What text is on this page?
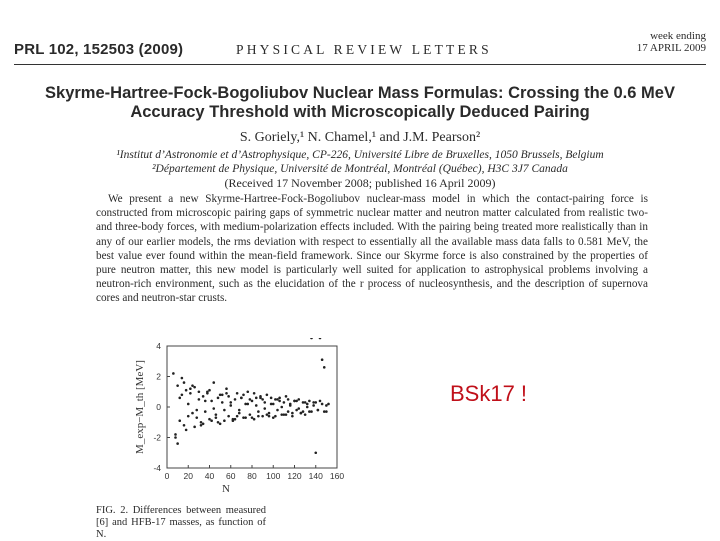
PRL 102, 152503 (2009)	PHYSICAL REVIEW LETTERS
week ending
17 APRIL 2009
Skyrme-Hartree-Fock-Bogoliubov Nuclear Mass Formulas: Crossing the 0.6 MeV
Accuracy Threshold with Microscopically Deduced Pairing
S. Goriely,¹ N. Chamel,¹ and J.M. Pearson²
¹Institut d’Astronomie et d’Astrophysique, CP-226, Université Libre de Bruxelles, 1050 Brussels, Belgium
²Département de Physique, Université de Montréal, Montréal (Québec), H3C 3J7 Canada
(Received 17 November 2008; published 16 April 2009)
We present a new Skyrme-Hartree-Fock-Bogoliubov nuclear-mass model in which the contact-pairing force is constructed from microscopic pairing gaps of symmetric nuclear matter and neutron matter calculated from realistic two- and three-body forces, with medium-polarization effects included. With the pairing being treated more realistically than in any of our earlier models, the rms deviation with respect to essentially all the available mass data falls to 0.581 MeV, the best value ever found within the mean-field framework. Since our Skyrme force is also constrained by the properties of pure neutron matter, this new model is particularly well suited for application to astrophysical problems involving a neutron-rich environment, such as the elucidation of the r process of nucleosynthesis, and the description of supernova cores and neutron-star crusts.
0 20 40 60 80 100 120 140 160
4
2
0
-2
-4
N
M_exp−M_th [MeV]	BSk17 !
FIG. 2. Differences between measured [6] and HFB-17 masses, as function of N.
